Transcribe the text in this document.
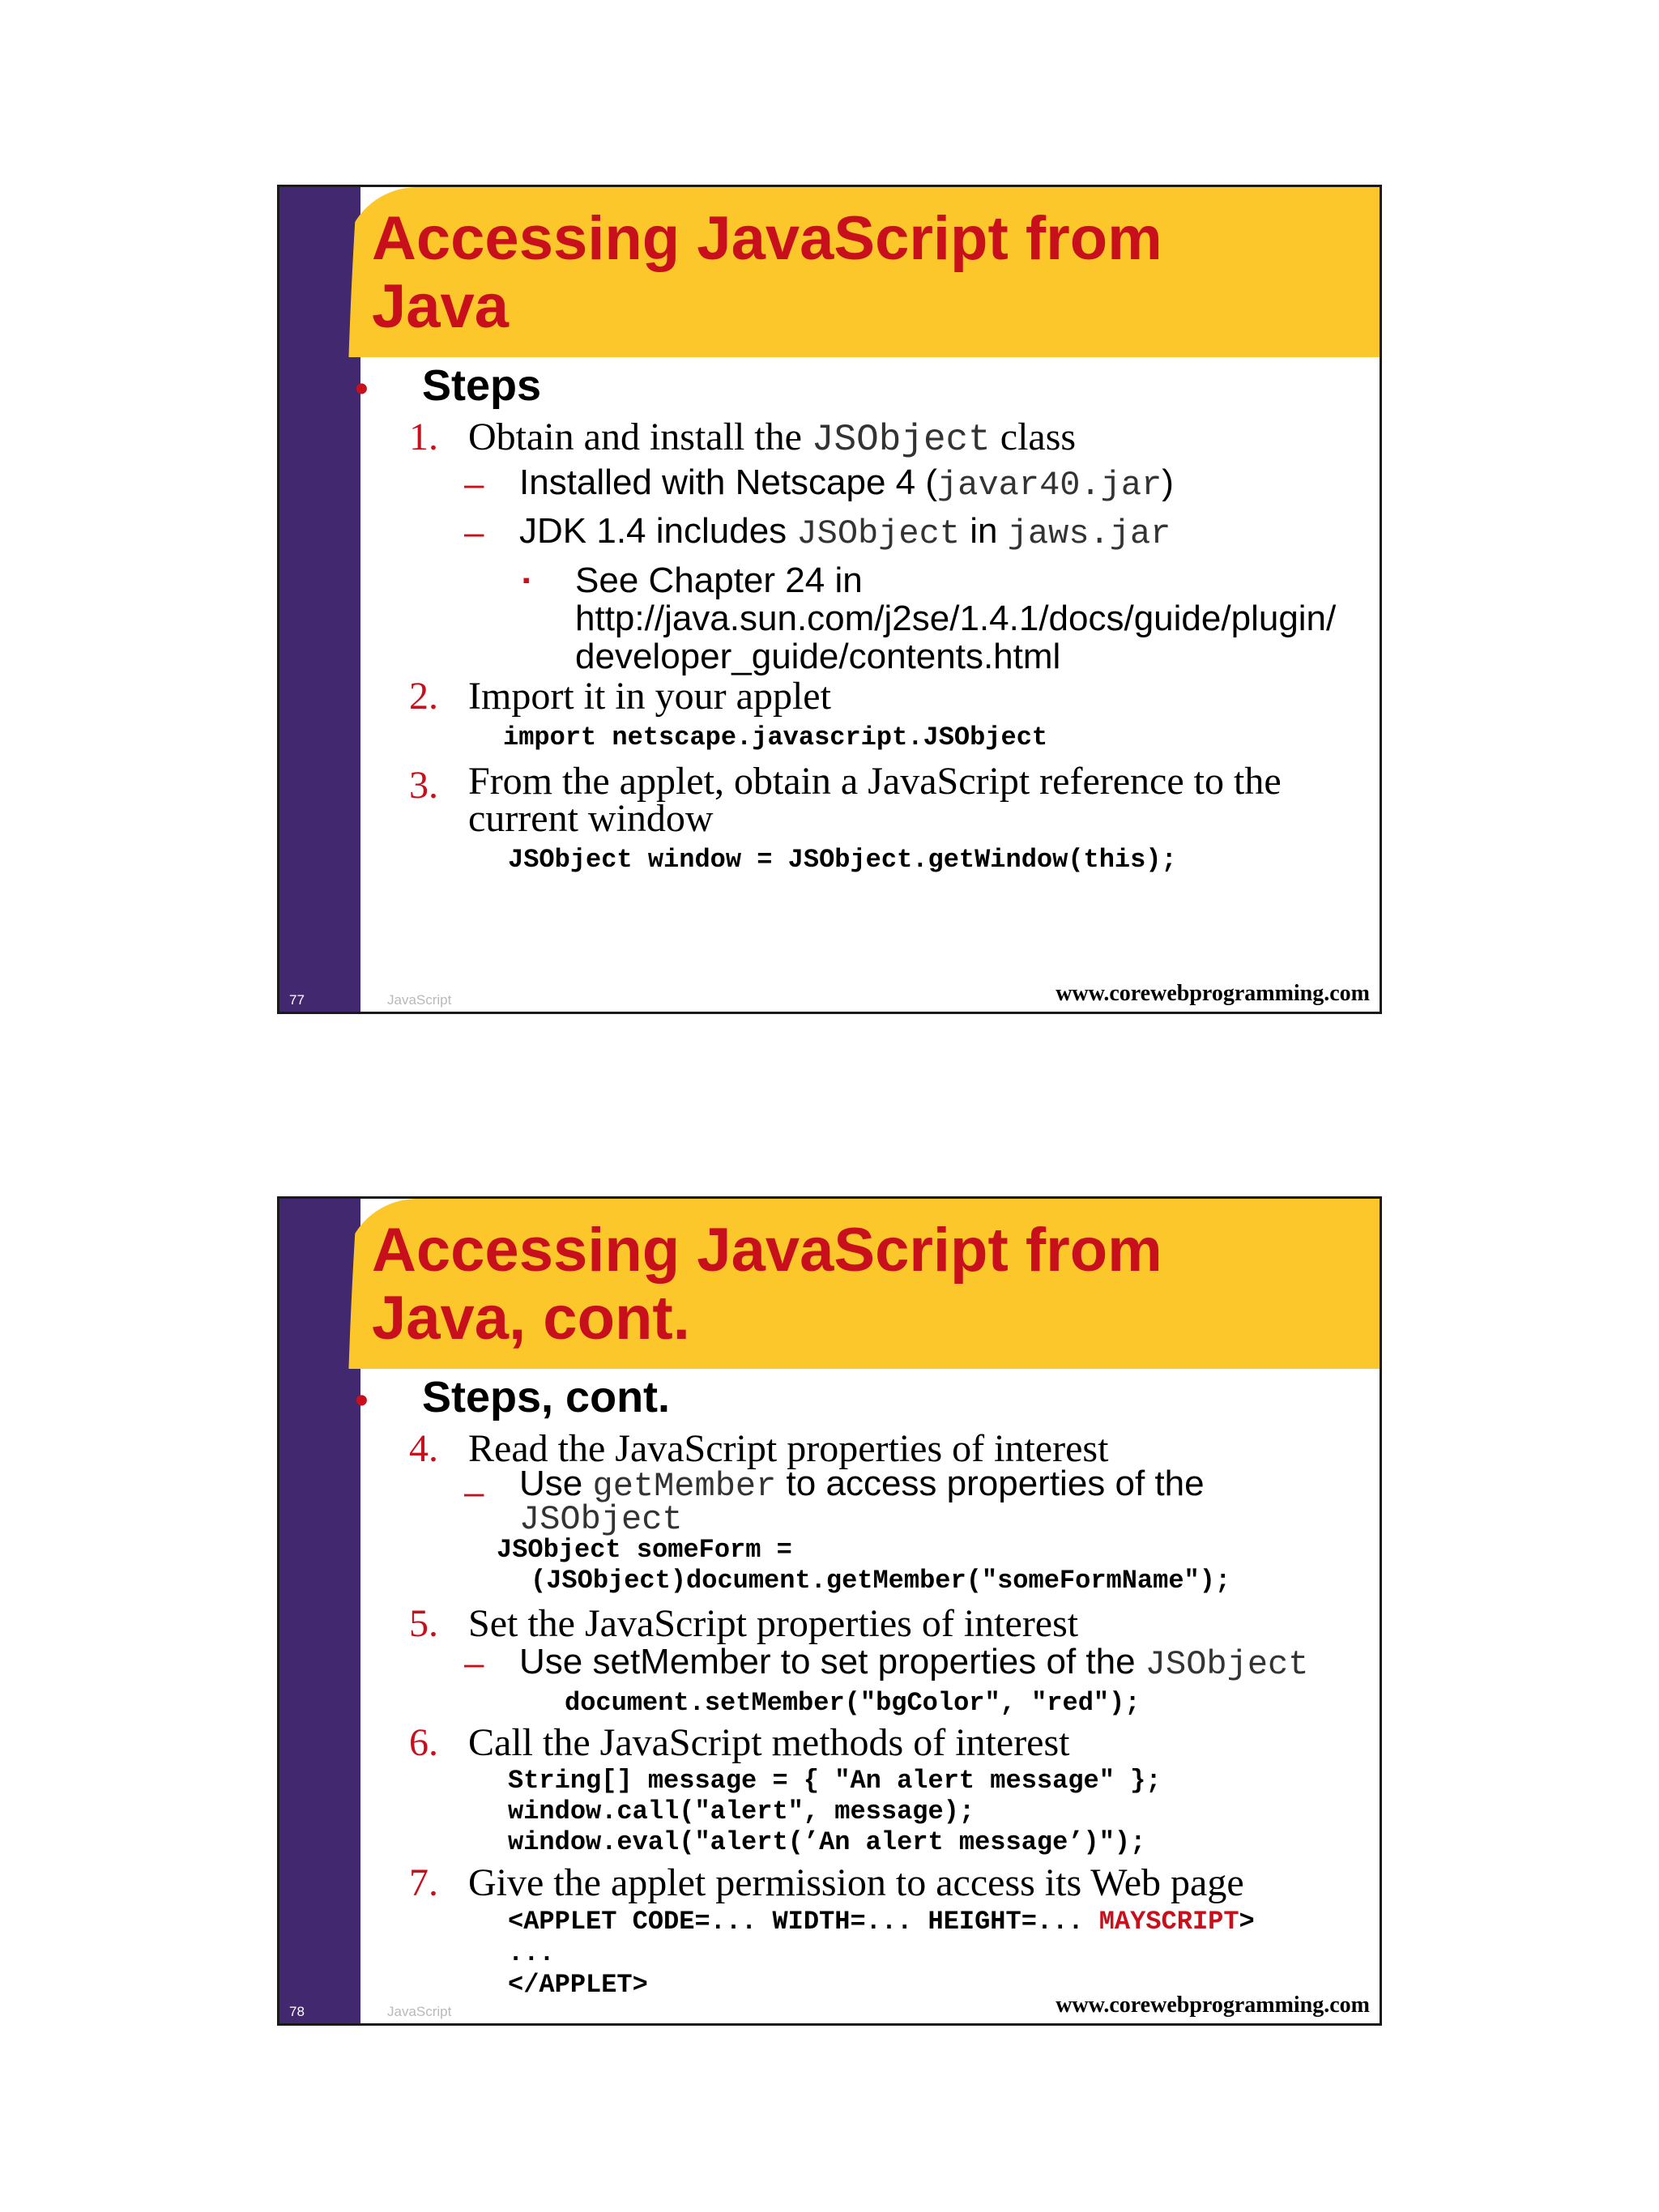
Accessing JavaScript from
Java
• Steps
1. Obtain and install the JSObject class
– Installed with Netscape 4 (javar40.jar)
– JDK 1.4 includes JSObject in jaws.jar
▪ See Chapter 24 in
http://java.sun.com/j2se/1.4.1/docs/guide/plugin/
developer_guide/contents.html
2. Import it in your applet
import netscape.javascript.JSObject
3. From the applet, obtain a JavaScript reference to the
current window
JSObject window = JSObject.getWindow(this);
77	JavaScript	www.corewebprogramming.com
Accessing JavaScript from
Java, cont.
• Steps, cont.
4. Read the JavaScript properties of interest
– Use getMember to access properties of the
JSObject
JSObject someForm =
(JSObject)document.getMember("someFormName");
5. Set the JavaScript properties of interest
– Use setMember to set properties of the JSObject
document.setMember("bgColor", "red");
6. Call the JavaScript methods of interest
String[] message = { "An alert message" };
window.call("alert", message);
window.eval("alert(’An alert message’)");
7. Give the applet permission to access its Web page
<APPLET CODE=... WIDTH=... HEIGHT=... MAYSCRIPT>
...
</APPLET>
78	JavaScript	www.corewebprogramming.com
